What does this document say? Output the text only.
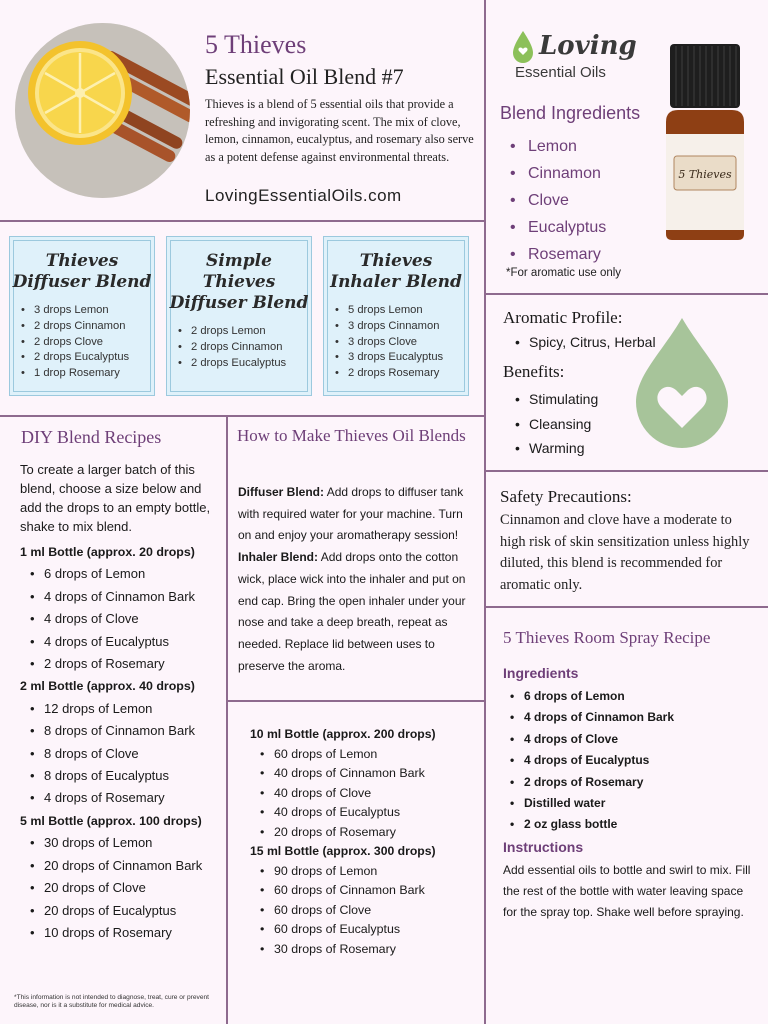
5 Thieves
Essential Oil Blend #7
Thieves is a blend of 5 essential oils that provide a refreshing and invigorating scent. The mix of clove, lemon, cinnamon, eucalyptus, and rosemary also serve as a potent defense against environmental threats.
LovingEssentialOils.com
Loving
Essential Oils
5 Thieves
Blend Ingredients
• Lemon
• Cinnamon
• Clove
• Eucalyptus
• Rosemary
*For aromatic use only
Thieves Diffuser Blend
• 3 drops Lemon
• 2 drops Cinnamon
• 2 drops Clove
• 2 drops Eucalyptus
• 1 drop Rosemary
Simple Thieves Diffuser Blend
• 2 drops Lemon
• 2 drops Cinnamon
• 2 drops Eucalyptus
Thieves Inhaler Blend
• 5 drops Lemon
• 3 drops Cinnamon
• 3 drops Clove
• 3 drops Eucalyptus
• 2 drops Rosemary
Aromatic Profile:
• Spicy, Citrus, Herbal
Benefits:
• Stimulating
• Cleansing
• Warming
Safety Precautions:
Cinnamon and clove have a moderate to high risk of skin sensitization unless highly diluted, this blend is recommended for aromatic only.
5 Thieves Room Spray Recipe
Ingredients
• 6 drops of Lemon
• 4 drops of Cinnamon Bark
• 4 drops of Clove
• 4 drops of Eucalyptus
• 2 drops of Rosemary
• Distilled water
• 2 oz glass bottle
Instructions
Add essential oils to bottle and swirl to mix. Fill the rest of the bottle with water leaving space for the spray top. Shake well before spraying.
DIY Blend Recipes
To create a larger batch of this blend, choose a size below and add the drops to an empty bottle, shake to mix blend.
1 ml Bottle (approx. 20 drops)
• 6 drops of Lemon
• 4 drops of Cinnamon Bark
• 4 drops of Clove
• 4 drops of Eucalyptus
• 2 drops of Rosemary
2 ml Bottle (approx. 40 drops)
• 12 drops of Lemon
• 8 drops of Cinnamon Bark
• 8 drops of Clove
• 8 drops of Eucalyptus
• 4 drops of Rosemary
5 ml Bottle (approx. 100 drops)
• 30 drops of Lemon
• 20 drops of Cinnamon Bark
• 20 drops of Clove
• 20 drops of Eucalyptus
• 10 drops of Rosemary
How to Make Thieves Oil Blends
Diffuser Blend: Add drops to diffuser tank with required water for your machine. Turn on and enjoy your aromatherapy session!
Inhaler Blend: Add drops onto the cotton wick, place wick into the inhaler and put on end cap. Bring the open inhaler under your nose and take a deep breath, repeat as needed. Replace lid between uses to preserve the aroma.
10 ml Bottle (approx. 200 drops)
• 60 drops of Lemon
• 40 drops of Cinnamon Bark
• 40 drops of Clove
• 40 drops of Eucalyptus
• 20 drops of Rosemary
15 ml Bottle (approx. 300 drops)
• 90 drops of Lemon
• 60 drops of Cinnamon Bark
• 60 drops of Clove
• 60 drops of Eucalyptus
• 30 drops of Rosemary
*This information is not intended to diagnose, treat, cure or prevent disease, nor is it a substitute for medical advice.
